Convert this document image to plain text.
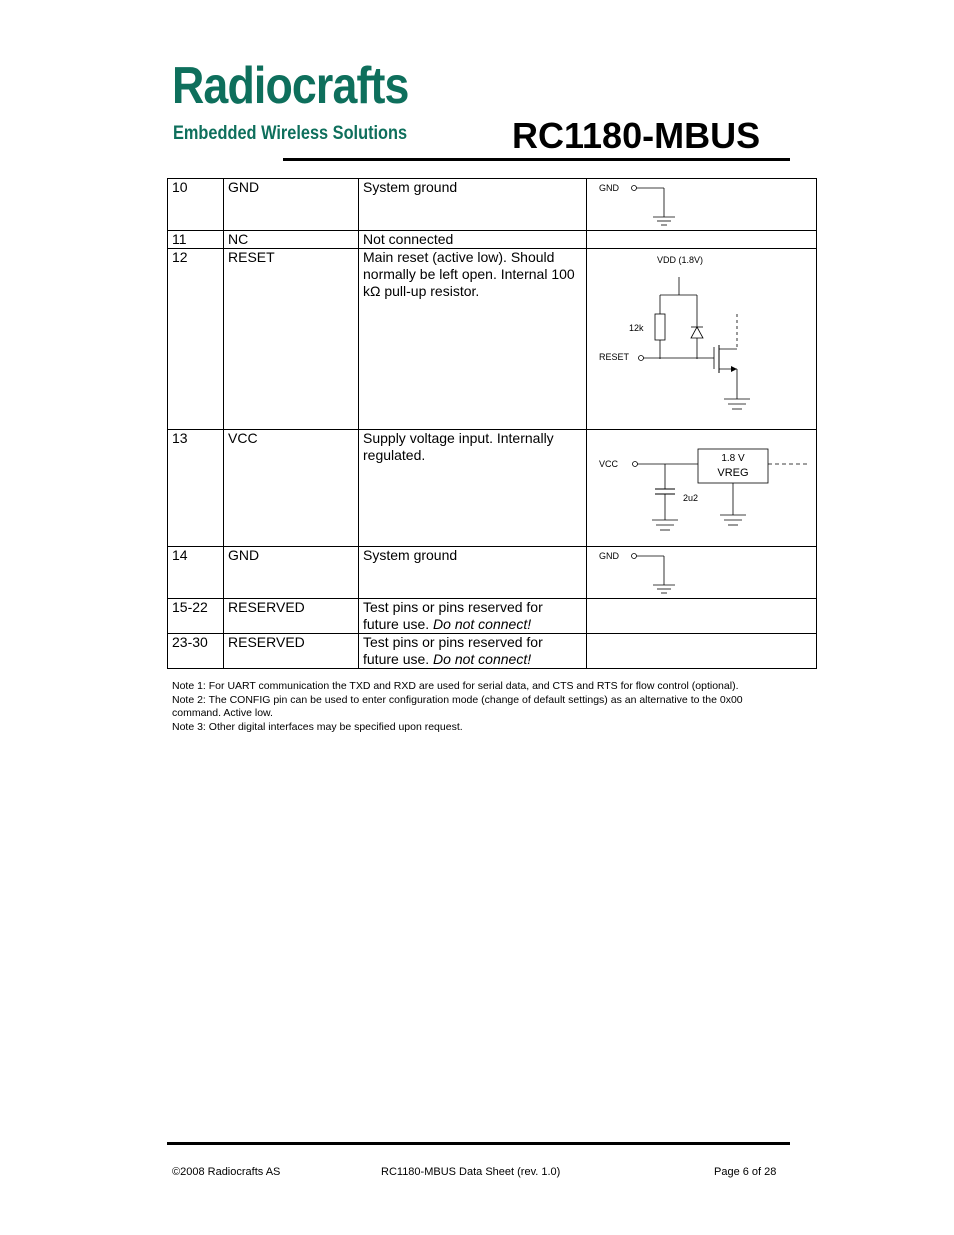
Radiocrafts
Embedded Wireless Solutions	RC1180-MBUS
10	GND	System ground	GND

11	NC	Not connected	
12	RESET	Main reset (active low). Should normally be left open. Internal 100 kΩ pull-up resistor.	VDD (1.8V)
12k
RESET

13	VCC	Supply voltage input. Internally regulated.	VCC 1.8 V
VREG
2u2

14	GND	System ground	GND

15-22	RESERVED	Test pins or pins reserved for future use. Do not connect!	
23-30	RESERVED	Test pins or pins reserved for future use. Do not connect!	
Note 1: For UART communication the TXD and RXD are used for serial data, and CTS and RTS for flow control (optional).
Note 2: The CONFIG pin can be used to enter configuration mode (change of default settings) as an alternative to the 0x00 command. Active low.
Note 3: Other digital interfaces may be specified upon request.
©2008 Radiocrafts AS	RC1180-MBUS Data Sheet (rev. 1.0)	Page 6 of 28
